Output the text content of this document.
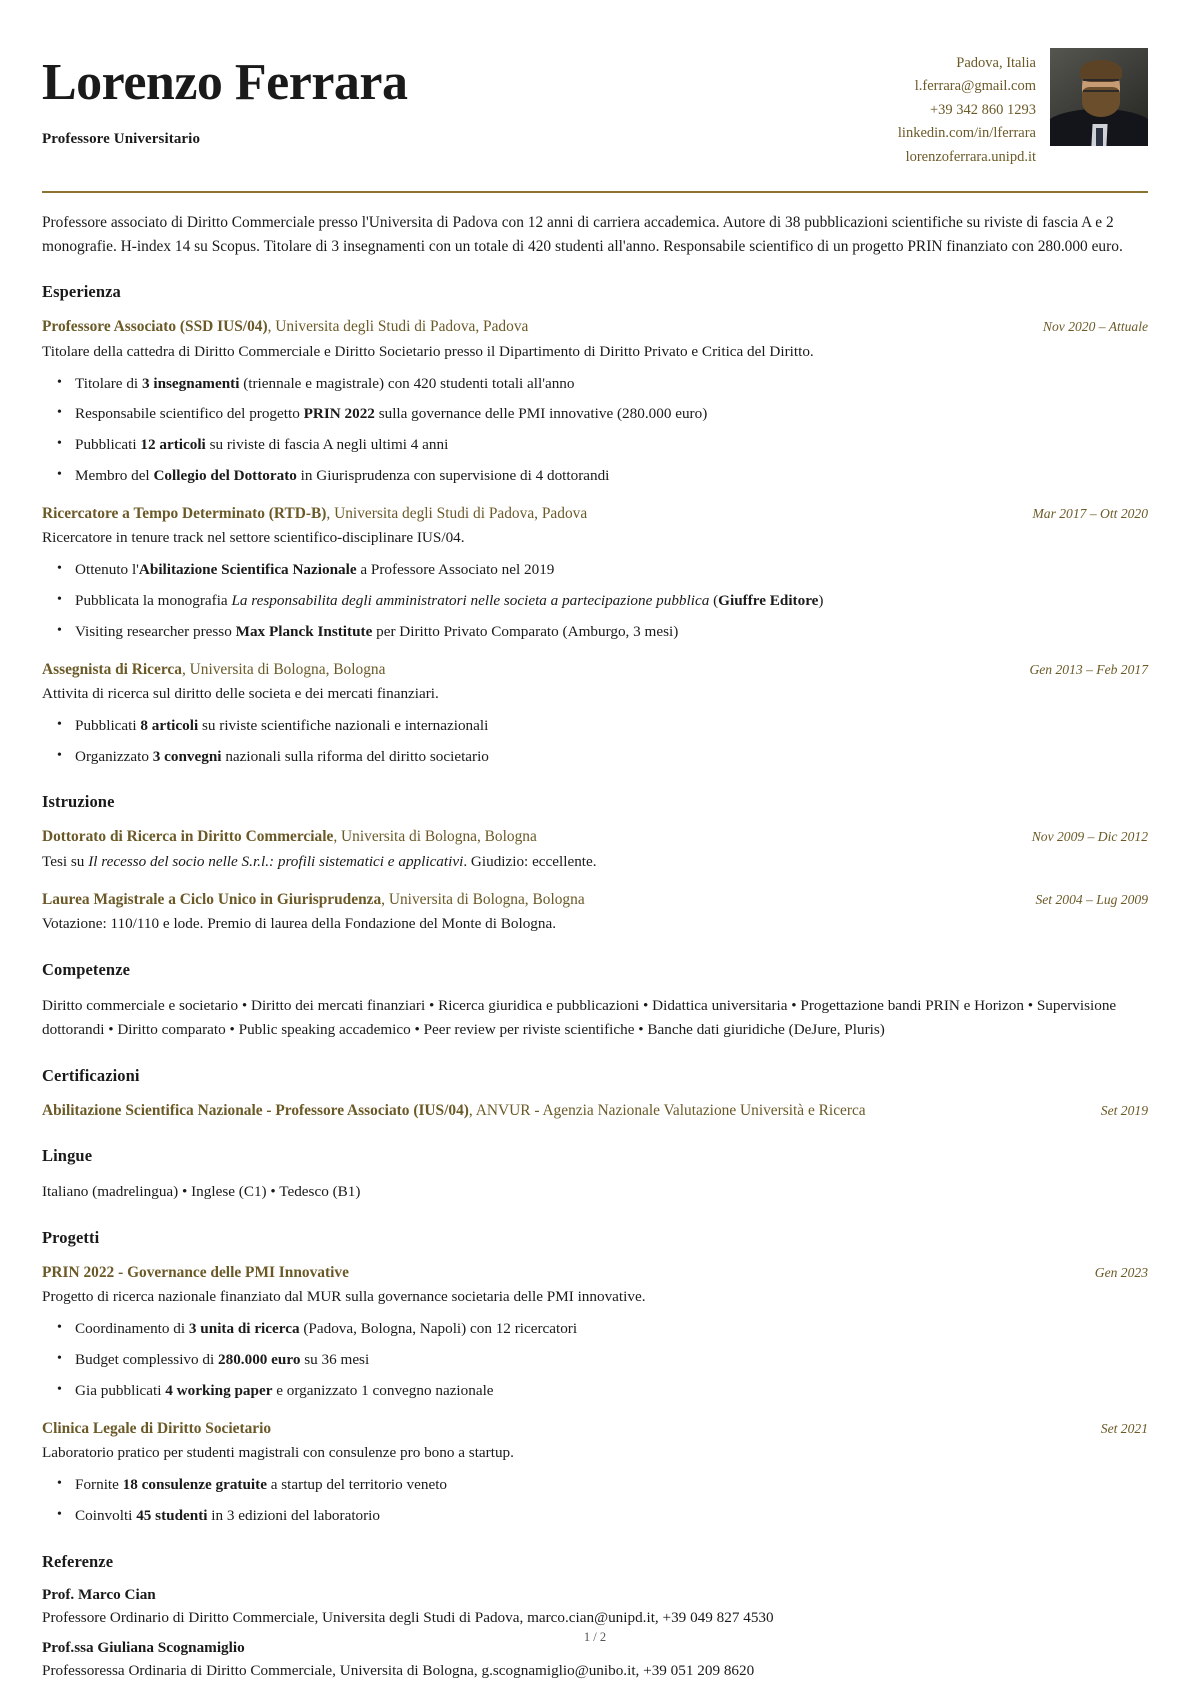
Lorenzo Ferrara
Professore Universitario
Padova, Italia
l.ferrara@gmail.com
+39 342 860 1293
linkedin.com/in/lferrara
lorenzoferrara.unipd.it
Professore associato di Diritto Commerciale presso l'Universita di Padova con 12 anni di carriera accademica. Autore di 38 pubblicazioni scientifiche su riviste di fascia A e 2 monografie. H-index 14 su Scopus. Titolare di 3 insegnamenti con un totale di 420 studenti all'anno. Responsabile scientifico di un progetto PRIN finanziato con 280.000 euro.
Esperienza
Professore Associato (SSD IUS/04), Universita degli Studi di Padova, Padova	Nov 2020 – Attuale
Titolare della cattedra di Diritto Commerciale e Diritto Societario presso il Dipartimento di Diritto Privato e Critica del Diritto.
• Titolare di 3 insegnamenti (triennale e magistrale) con 420 studenti totali all'anno
• Responsabile scientifico del progetto PRIN 2022 sulla governance delle PMI innovative (280.000 euro)
• Pubblicati 12 articoli su riviste di fascia A negli ultimi 4 anni
• Membro del Collegio del Dottorato in Giurisprudenza con supervisione di 4 dottorandi
Ricercatore a Tempo Determinato (RTD-B), Universita degli Studi di Padova, Padova	Mar 2017 – Ott 2020
Ricercatore in tenure track nel settore scientifico-disciplinare IUS/04.
• Ottenuto l'Abilitazione Scientifica Nazionale a Professore Associato nel 2019
• Pubblicata la monografia La responsabilita degli amministratori nelle societa a partecipazione pubblica (Giuffre Editore)
• Visiting researcher presso Max Planck Institute per Diritto Privato Comparato (Amburgo, 3 mesi)
Assegnista di Ricerca, Universita di Bologna, Bologna	Gen 2013 – Feb 2017
Attivita di ricerca sul diritto delle societa e dei mercati finanziari.
• Pubblicati 8 articoli su riviste scientifiche nazionali e internazionali
• Organizzato 3 convegni nazionali sulla riforma del diritto societario
Istruzione
Dottorato di Ricerca in Diritto Commerciale, Universita di Bologna, Bologna	Nov 2009 – Dic 2012
Tesi su Il recesso del socio nelle S.r.l.: profili sistematici e applicativi. Giudizio: eccellente.
Laurea Magistrale a Ciclo Unico in Giurisprudenza, Universita di Bologna, Bologna	Set 2004 – Lug 2009
Votazione: 110/110 e lode. Premio di laurea della Fondazione del Monte di Bologna.
Competenze
Diritto commerciale e societario • Diritto dei mercati finanziari • Ricerca giuridica e pubblicazioni • Didattica universitaria • Progettazione bandi PRIN e Horizon • Supervisione dottorandi • Diritto comparato • Public speaking accademico • Peer review per riviste scientifiche • Banche dati giuridiche (DeJure, Pluris)
Certificazioni
Abilitazione Scientifica Nazionale - Professore Associato (IUS/04), ANVUR - Agenzia Nazionale Valutazione Università e Ricerca	Set 2019
Lingue
Italiano (madrelingua) • Inglese (C1) • Tedesco (B1)
Progetti
PRIN 2022 - Governance delle PMI Innovative	Gen 2023
Progetto di ricerca nazionale finanziato dal MUR sulla governance societaria delle PMI innovative.
• Coordinamento di 3 unita di ricerca (Padova, Bologna, Napoli) con 12 ricercatori
• Budget complessivo di 280.000 euro su 36 mesi
• Gia pubblicati 4 working paper e organizzato 1 convegno nazionale
Clinica Legale di Diritto Societario	Set 2021
Laboratorio pratico per studenti magistrali con consulenze pro bono a startup.
• Fornite 18 consulenze gratuite a startup del territorio veneto
• Coinvolti 45 studenti in 3 edizioni del laboratorio
Referenze
Prof. Marco Cian
Professore Ordinario di Diritto Commerciale, Universita degli Studi di Padova, marco.cian@unipd.it, +39 049 827 4530
Prof.ssa Giuliana Scognamiglio
Professoressa Ordinaria di Diritto Commerciale, Universita di Bologna, g.scognamiglio@unibo.it, +39 051 209 8620
1 / 2
